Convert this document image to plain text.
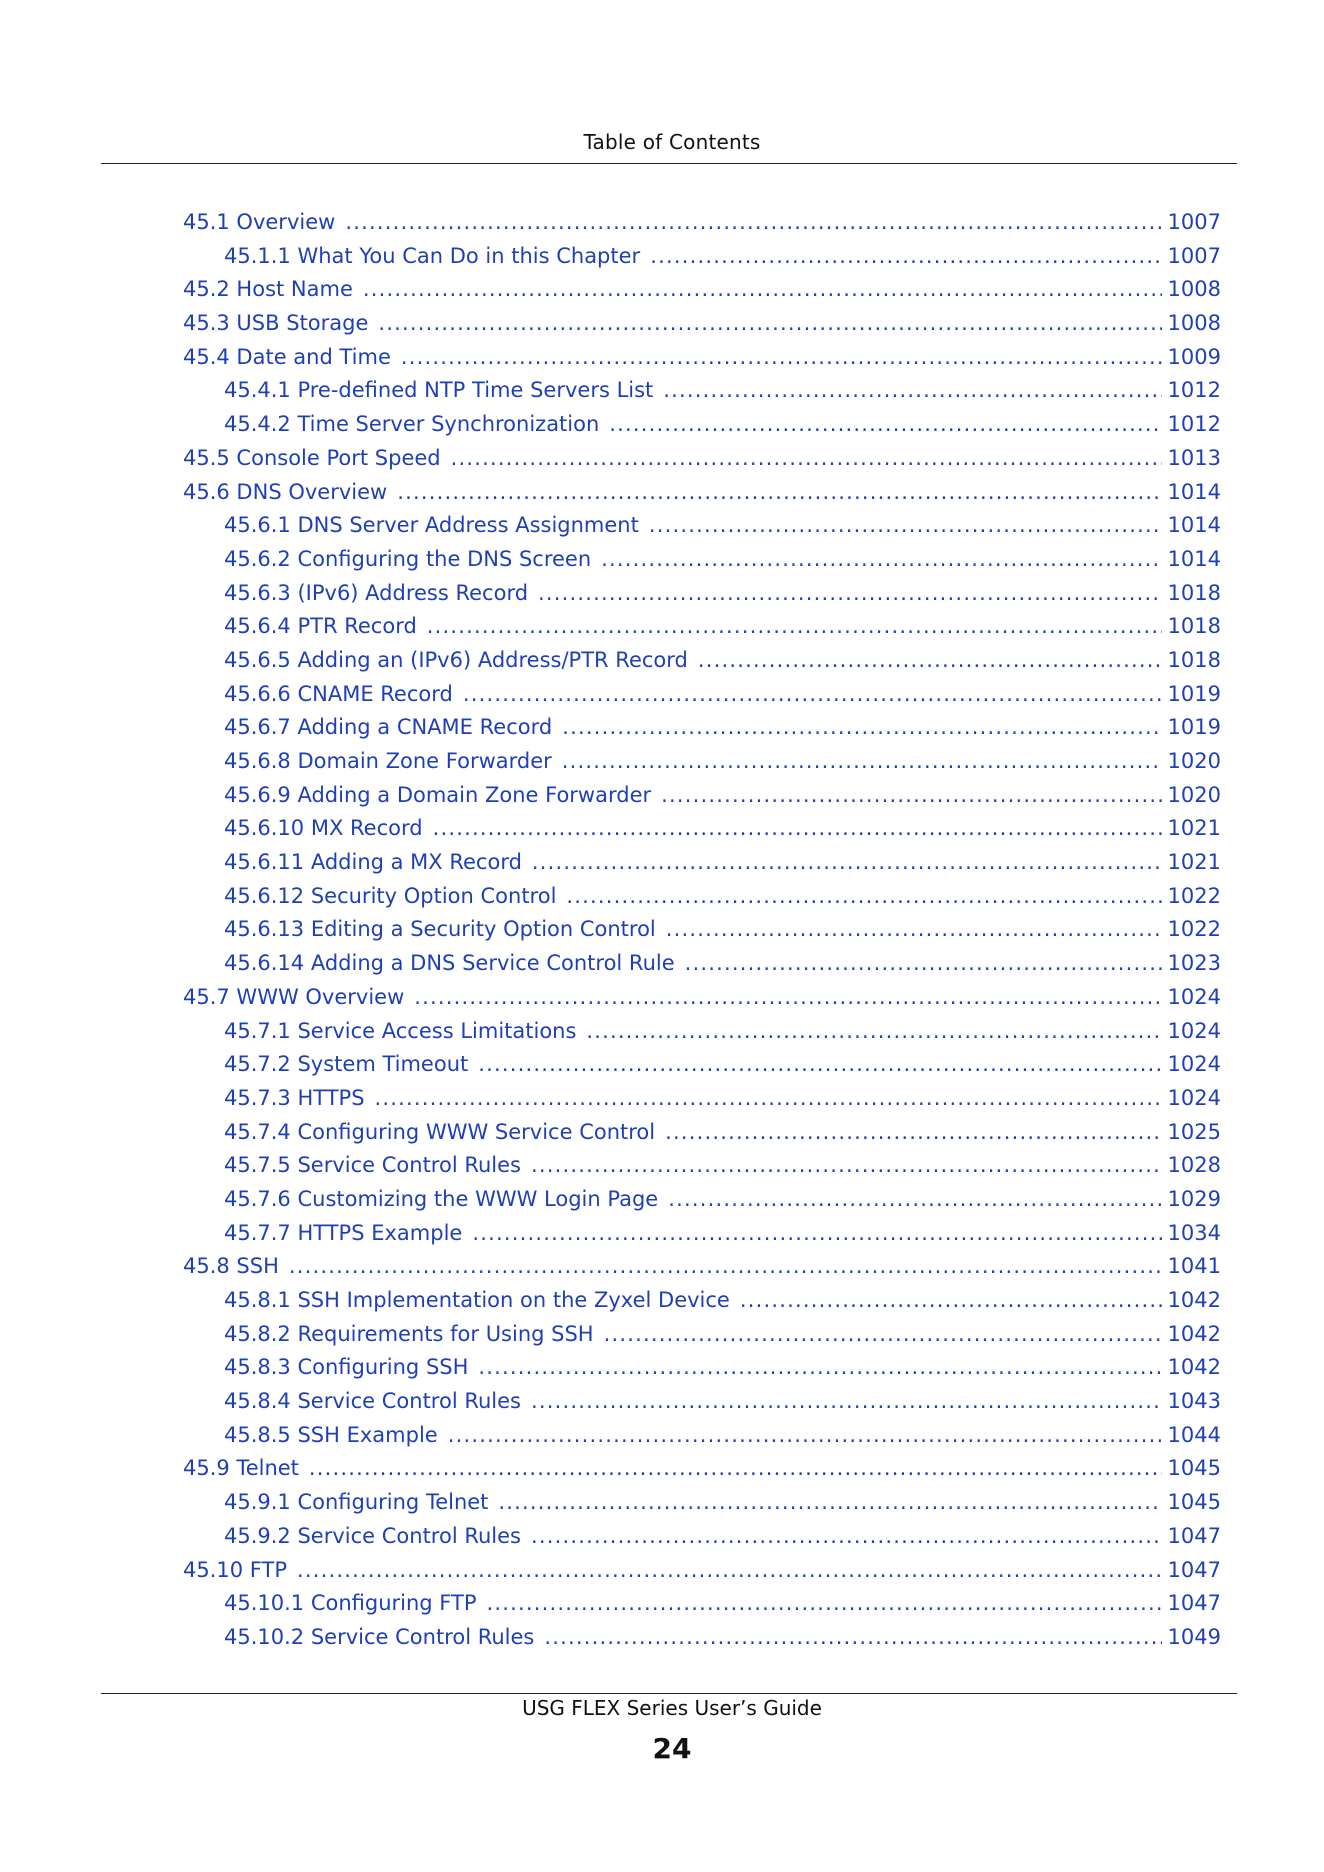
Table of Contents
45.1 Overview .....	1007
45.1.1 What You Can Do in this Chapter .....	1007
45.2 Host Name .....	1008
45.3 USB Storage .....	1008
45.4 Date and Time .....	1009
45.4.1 Pre-defined NTP Time Servers List .....	1012
45.4.2 Time Server Synchronization .....	1012
45.5 Console Port Speed .....	1013
45.6 DNS Overview .....	1014
45.6.1 DNS Server Address Assignment .....	1014
45.6.2 Configuring the DNS Screen .....	1014
45.6.3 (IPv6) Address Record .....	1018
45.6.4 PTR Record .....	1018
45.6.5 Adding an (IPv6) Address/PTR Record .....	1018
45.6.6 CNAME Record .....	1019
45.6.7 Adding a CNAME Record .....	1019
45.6.8 Domain Zone Forwarder .....	1020
45.6.9 Adding a Domain Zone Forwarder .....	1020
45.6.10 MX Record .....	1021
45.6.11 Adding a MX Record .....	1021
45.6.12 Security Option Control .....	1022
45.6.13 Editing a Security Option Control .....	1022
45.6.14 Adding a DNS Service Control Rule .....	1023
45.7 WWW Overview .....	1024
45.7.1 Service Access Limitations .....	1024
45.7.2 System Timeout .....	1024
45.7.3 HTTPS .....	1024
45.7.4 Configuring WWW Service Control .....	1025
45.7.5 Service Control Rules .....	1028
45.7.6 Customizing the WWW Login Page .....	1029
45.7.7 HTTPS Example .....	1034
45.8 SSH .....	1041
45.8.1 SSH Implementation on the Zyxel Device .....	1042
45.8.2 Requirements for Using SSH .....	1042
45.8.3 Configuring SSH .....	1042
45.8.4 Service Control Rules .....	1043
45.8.5 SSH Example .....	1044
45.9 Telnet .....	1045
45.9.1 Configuring Telnet .....	1045
45.9.2 Service Control Rules .....	1047
45.10 FTP .....	1047
45.10.1 Configuring FTP .....	1047
45.10.2 Service Control Rules .....	1049
USG FLEX Series User’s Guide
24
